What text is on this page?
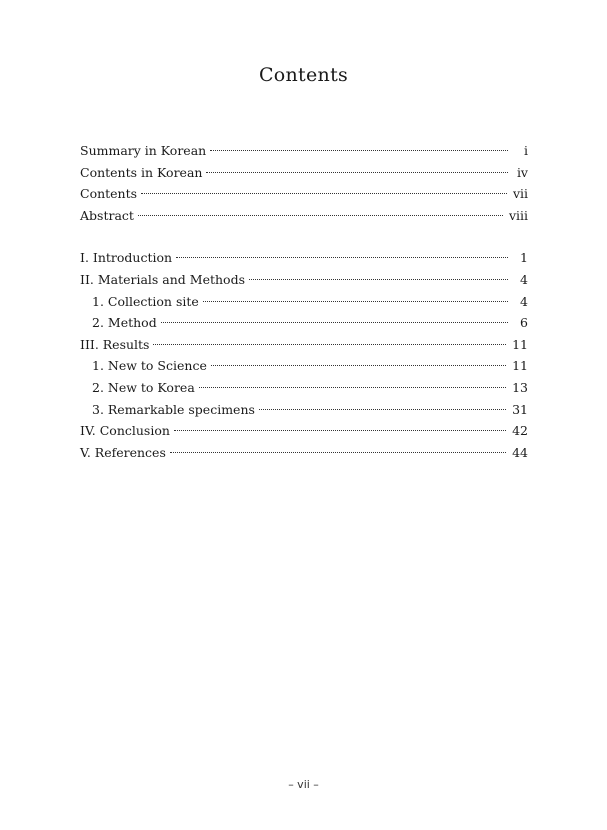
Contents
Summary in Korean	i
Contents in Korean	iv
Contents	vii
Abstract	viii
I. Introduction	1
II. Materials and Methods	4
1. Collection site	4
2. Method	6
III. Results	11
1. New to Science	11
2. New to Korea	13
3. Remarkable specimens	31
IV. Conclusion	42
V. References	44
– vii –
